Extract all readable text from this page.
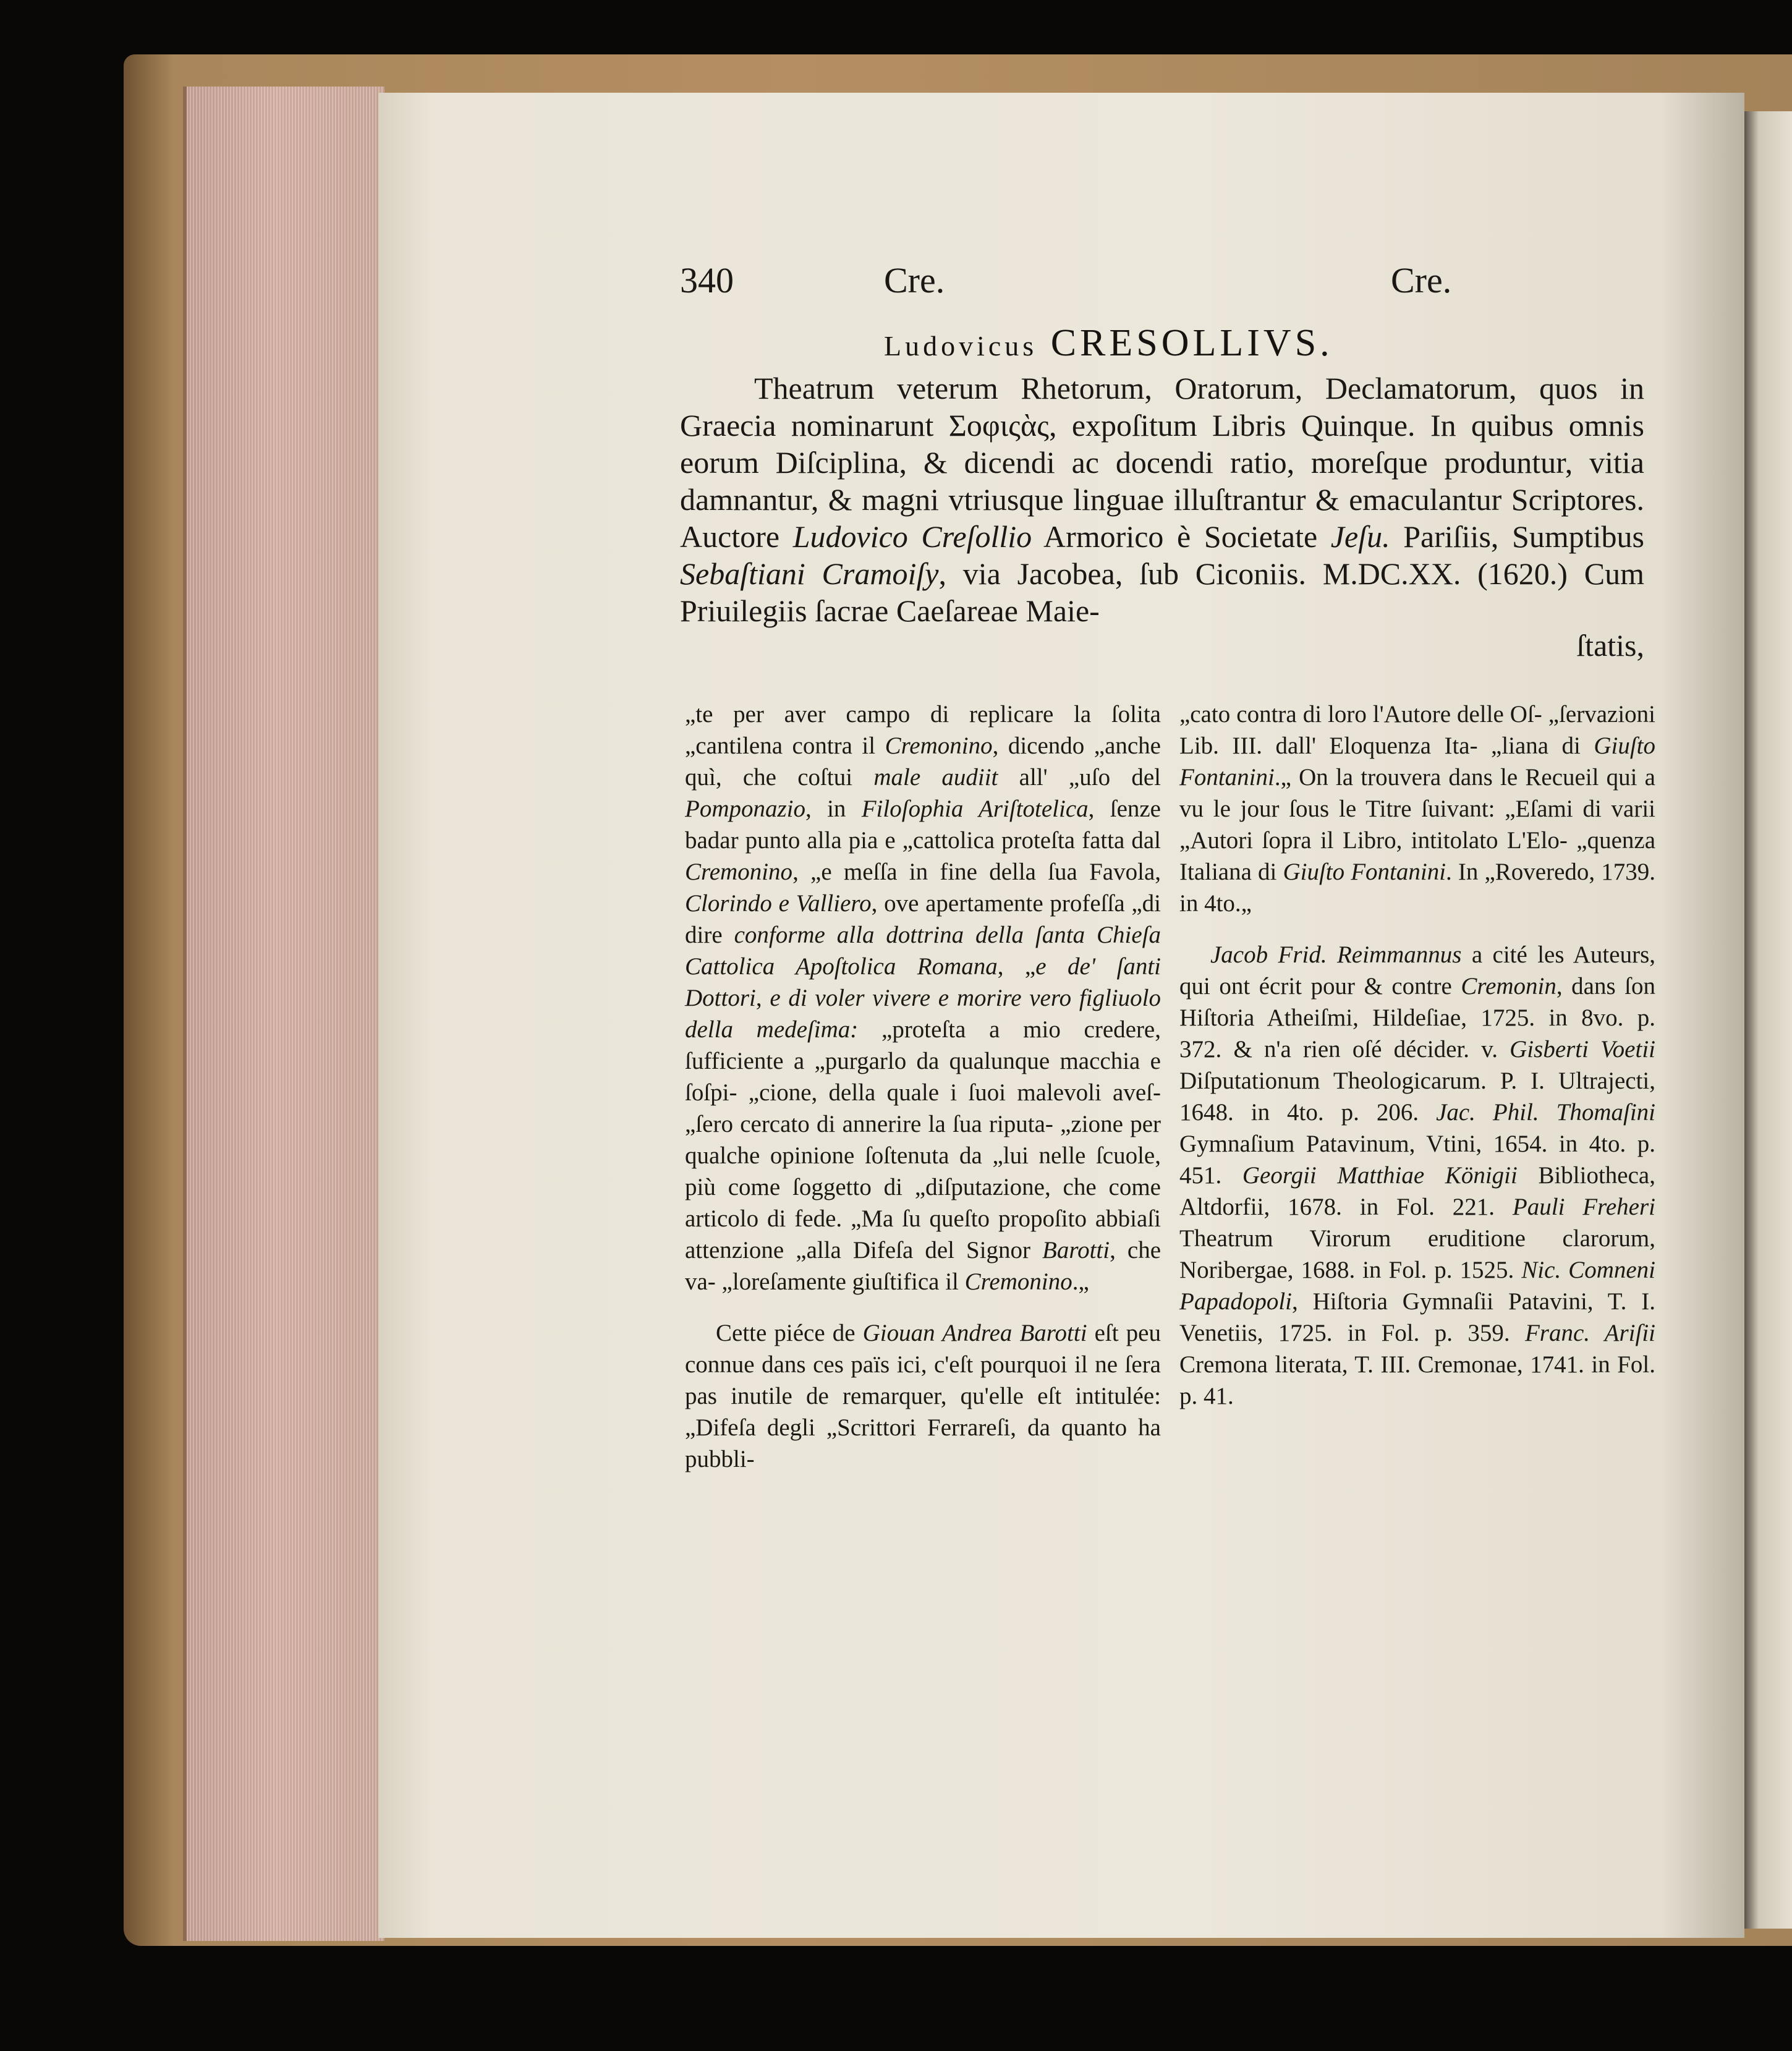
340	Cre.	Cre.
Ludovicus CRESOLLIVS.
Theatrum veterum Rhetorum, Oratorum, Declamatorum, quos in Graecia nominarunt Σοφιςὰς, expoſitum Libris Quinque. In quibus omnis eorum Diſciplina, & dicendi ac docendi ratio, moreſque produntur, vitia damnantur, & magni vtriusque linguae illuſtrantur & emaculantur Scriptores. Auctore Ludovico Creſollio Armorico è Societate Jeſu. Pariſiis, Sumptibus Sebaſtiani Cramoiſy, via Jacobea, ſub Ciconiis. M.DC.XX. (1620.) Cum Priuilegiis ſacrae Caeſareae Maie-
ſtatis,

„te per aver campo di replicare la ſolita „cantilena contra il Cremonino, dicendo „anche quì, che coſtui male audiit all' „uſo del Pomponazio, in Filoſophia Ariſtotelica, ſenze badar punto alla pia e „cattolica proteſta fatta dal Cremonino, „e meſſa in fine della ſua Favola, Clorindo e Valliero, ove apertamente profeſſa „di dire conforme alla dottrina della ſanta Chieſa Cattolica Apoſtolica Romana, „e de' ſanti Dottori, e di voler vivere e morire vero figliuolo della medeſima: „proteſta a mio credere, ſufficiente a „purgarlo da qualunque macchia e ſoſpi- „cione, della quale i ſuoi malevoli aveſ- „ſero cercato di annerire la ſua riputa- „zione per qualche opinione ſoſtenuta da „lui nelle ſcuole, più come ſoggetto di „diſputazione, che come articolo di fede. „Ma ſu queſto propoſito abbiaſi attenzione „alla Difeſa del Signor Barotti, che va- „loreſamente giuſtifica il Cremonino.„

Cette piéce de Giouan Andrea Barotti eſt peu connue dans ces païs ici, c'eſt pourquoi il ne ſera pas inutile de remarquer, qu'elle eſt intitulée: „Difeſa degli „Scrittori Ferrareſi, da quanto ha pubbli-

„cato contra di loro l'Autore delle Oſ- „ſervazioni Lib. III. dall' Eloquenza Ita- „liana di Giuſto Fontanini.„ On la trouvera dans le Recueil qui a vu le jour ſous le Titre ſuivant: „Eſami di varii „Autori ſopra il Libro, intitolato L'Elo- „quenza Italiana di Giuſto Fontanini. In „Roveredo, 1739. in 4to.„

Jacob Frid. Reimmannus a cité les Auteurs, qui ont écrit pour & contre Cremonin, dans ſon Hiſtoria Atheiſmi, Hildeſiae, 1725. in 8vo. p. 372. & n'a rien oſé décider. v. Gisberti Voetii Diſputationum Theologicarum. P. I. Ultrajecti, 1648. in 4to. p. 206. Jac. Phil. Thomaſini Gymnaſium Patavinum, Vtini, 1654. in 4to. p. 451. Georgii Matthiae Königii Bibliotheca, Altdorfii, 1678. in Fol. 221. Pauli Freheri Theatrum Virorum eruditione clarorum, Noribergae, 1688. in Fol. p. 1525. Nic. Comneni Papadopoli, Hiſtoria Gymnaſii Patavini, T. I. Venetiis, 1725. in Fol. p. 359. Franc. Ariſii Cremona literata, T. III. Cremonae, 1741. in Fol. p. 41.
